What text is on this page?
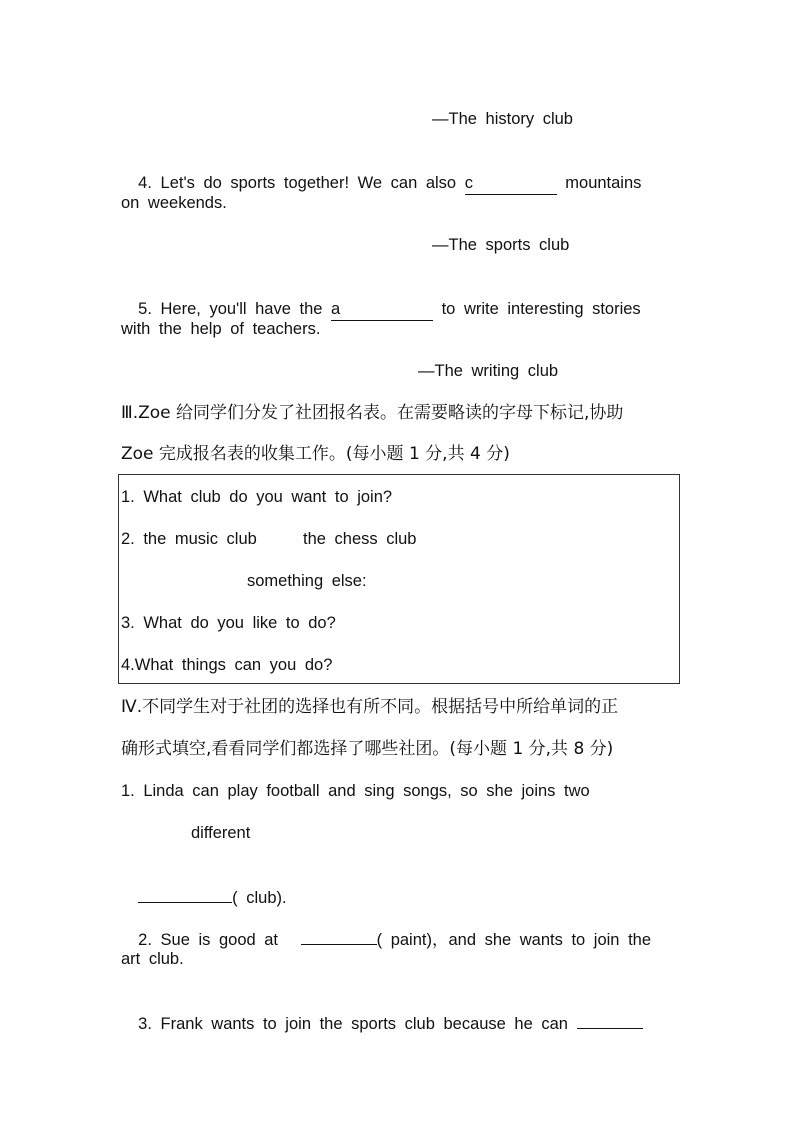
—The history club

4. Let's do sports together! We can also c	mountains

on weekends.
—The sports club

5. Here, you'll have the a	to write interesting stories

with the help of teachers.
—The writing club
Ⅲ.Zoe 给同学们分发了社团报名表。在需要略读的字母下标记,协助
Zoe 完成报名表的收集工作。(每小题 1 分,共 4 分)
1. What club do you want to join?
2. the music club	the chess club
something else:
3. What do you like to do?
4.What things can you do?
Ⅳ.不同学生对于社团的选择也有所不同。根据括号中所给单词的正
确形式填空,看看同学们都选择了哪些社团。(每小题 1 分,共 8 分)
1. Linda can play football and sing songs, so she joins two
different

( club).

2. Sue is good at	( paint)，and she wants to join the

art club.

3. Frank wants to join the sports club because he can
